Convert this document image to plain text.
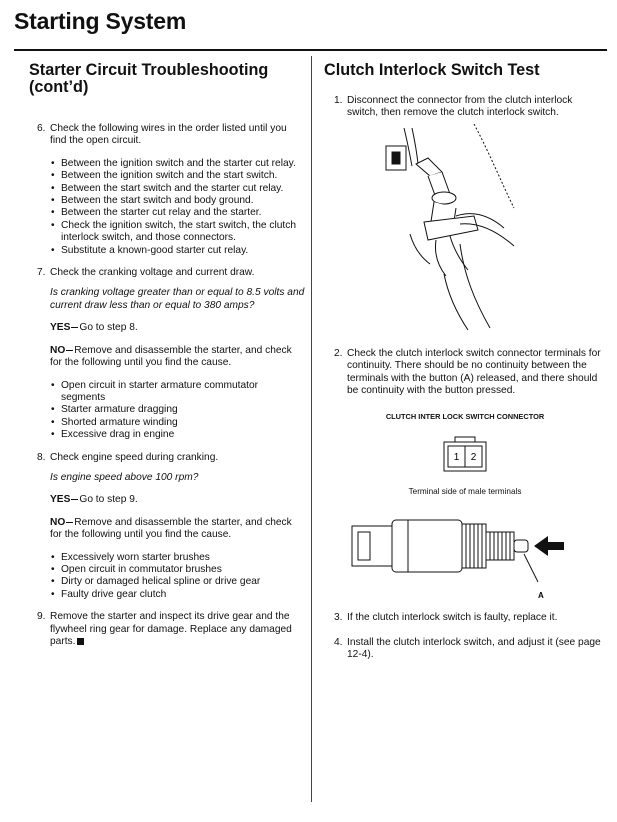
Starting System
Starter Circuit Troubleshooting (cont’d)
6. Check the following wires in the order listed until you find the open circuit.

• Between the ignition switch and the starter cut relay.
• Between the ignition switch and the start switch.
• Between the start switch and the starter cut relay.
• Between the start switch and body ground.
• Between the starter cut relay and the starter.
• Check the ignition switch, the start switch, the clutch interlock switch, and those connectors.
• Substitute a known-good starter cut relay.
7. Check the cranking voltage and current draw.

Is cranking voltage greater than or equal to 8.5 volts and current draw less than or equal to 380 amps?

YES Go to step 8.

NO Remove and disassemble the starter, and check for the following until you find the cause.

• Open circuit in starter armature commutator segments
• Starter armature dragging
• Shorted armature winding
• Excessive drag in engine
8. Check engine speed during cranking.

Is engine speed above 100 rpm?

YES Go to step 9.

NO Remove and disassemble the starter, and check for the following until you find the cause.

• Excessively worn starter brushes
• Open circuit in commutator brushes
• Dirty or damaged helical spline or drive gear
• Faulty drive gear clutch
9. Remove the starter and inspect its drive gear and the flywheel ring gear for damage. Replace any damaged parts.

Clutch Interlock Switch Test
1. Disconnect the connector from the clutch interlock switch, then remove the clutch interlock switch.

2. Check the clutch interlock switch connector terminals for continuity. There should be no continuity between the terminals with the button (A) released, and there should be continuity with the button pressed.

CLUTCH INTER LOCK SWITCH CONNECTOR

1 2

Terminal side of male terminals

A
3. If the clutch interlock switch is faulty, replace it.

4. Install the clutch interlock switch, and adjust it (see page 12-4).
